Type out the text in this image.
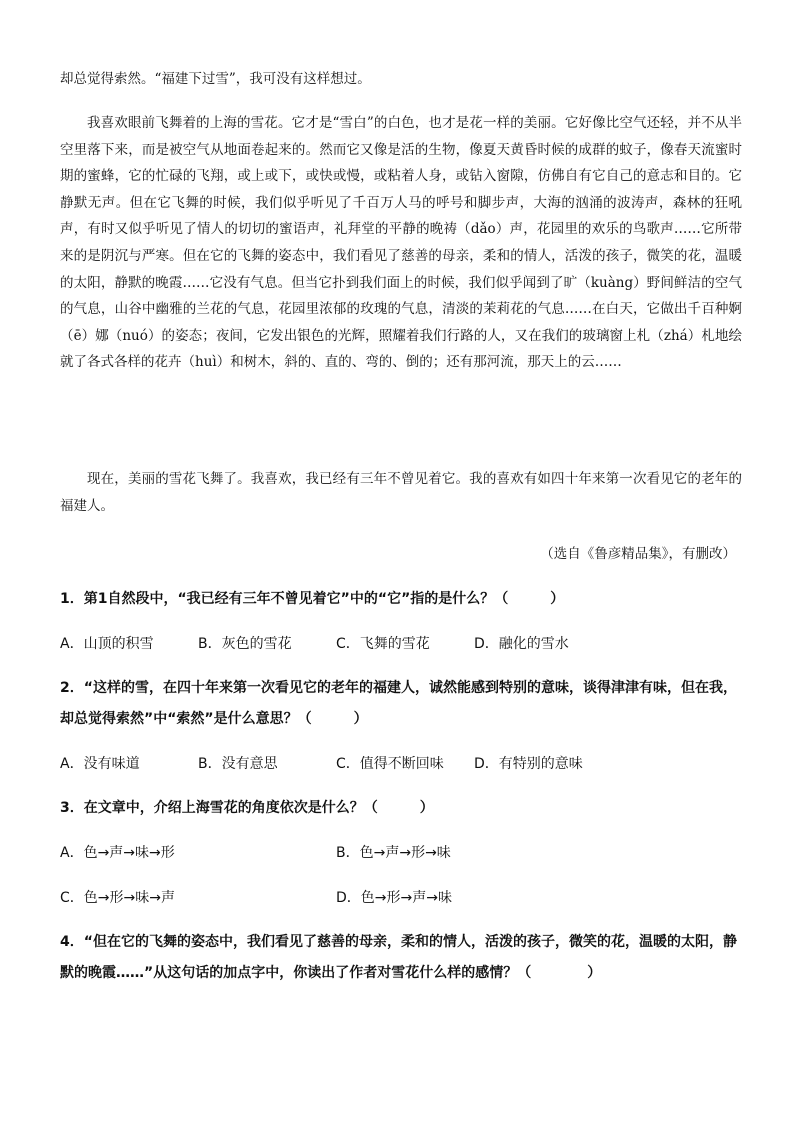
却总觉得索然。“福建下过雪”，我可没有这样想过。

我喜欢眼前飞舞着的上海的雪花。它才是“雪白”的白色，也才是花一样的美丽。它好像比空气还轻，并不从半空里落下来，而是被空气从地面卷起来的。然而它又像是活的生物，像夏天黄昏时候的成群的蚊子，像春天流蜜时期的蜜蜂，它的忙碌的飞翔，或上或下，或快或慢，或粘着人身，或钻入窗隙，仿佛自有它自己的意志和目的。它静默无声。但在它飞舞的时候，我们似乎听见了千百万人马的呼号和脚步声，大海的汹涌的波涛声，森林的狂吼声，有时又似乎听见了情人的切切的蜜语声，礼拜堂的平静的晚祷（dǎo）声，花园里的欢乐的鸟歌声……它所带来的是阴沉与严寒。但在它的飞舞的姿态中，我们看见了慈善的母亲，柔和的情人，活泼的孩子，微笑的花，温暖的太阳，静默的晚霞……它没有气息。但当它扑到我们面上的时候，我们似乎闻到了旷（kuàng）野间鲜洁的空气的气息，山谷中幽雅的兰花的气息，花园里浓郁的玫瑰的气息，清淡的茉莉花的气息……在白天，它做出千百种婀（ē）娜（nuó）的姿态；夜间，它发出银色的光辉，照耀着我们行路的人，又在我们的玻璃窗上札（zhá）札地绘就了各式各样的花卉（huì）和树木，斜的、直的、弯的、倒的；还有那河流，那天上的云……

现在，美丽的雪花飞舞了。我喜欢，我已经有三年不曾见着它。我的喜欢有如四十年来第一次看见它的老年的福建人。

（选自《鲁彦精品集》，有删改）

1．第1自然段中，“我已经有三年不曾见着它”中的“它”指的是什么？（　　　）

A．山顶的积雪	B．灰色的雪花	C．飞舞的雪花	D．融化的雪水

2．“这样的雪，在四十年来第一次看见它的老年的福建人，诚然能感到特别的意味，谈得津津有味，但在我，却总觉得索然”中“索然”是什么意思？（　　　）

A．没有味道	B．没有意思	C．值得不断回味 D．有特别的意味

3．在文章中，介绍上海雪花的角度依次是什么？（　　　）

A．色→声→味→形	B．色→声→形→味
C．色→形→味→声	D．色→形→声→味

4．“但在它的飞舞的姿态中，我们看见了慈善的母亲，柔和的情人，活泼的孩子，微笑的花，温暖的太阳，静默的晚霞……”从这句话的加点字中，你读出了作者对雪花什么样的感情？（　　　　）
